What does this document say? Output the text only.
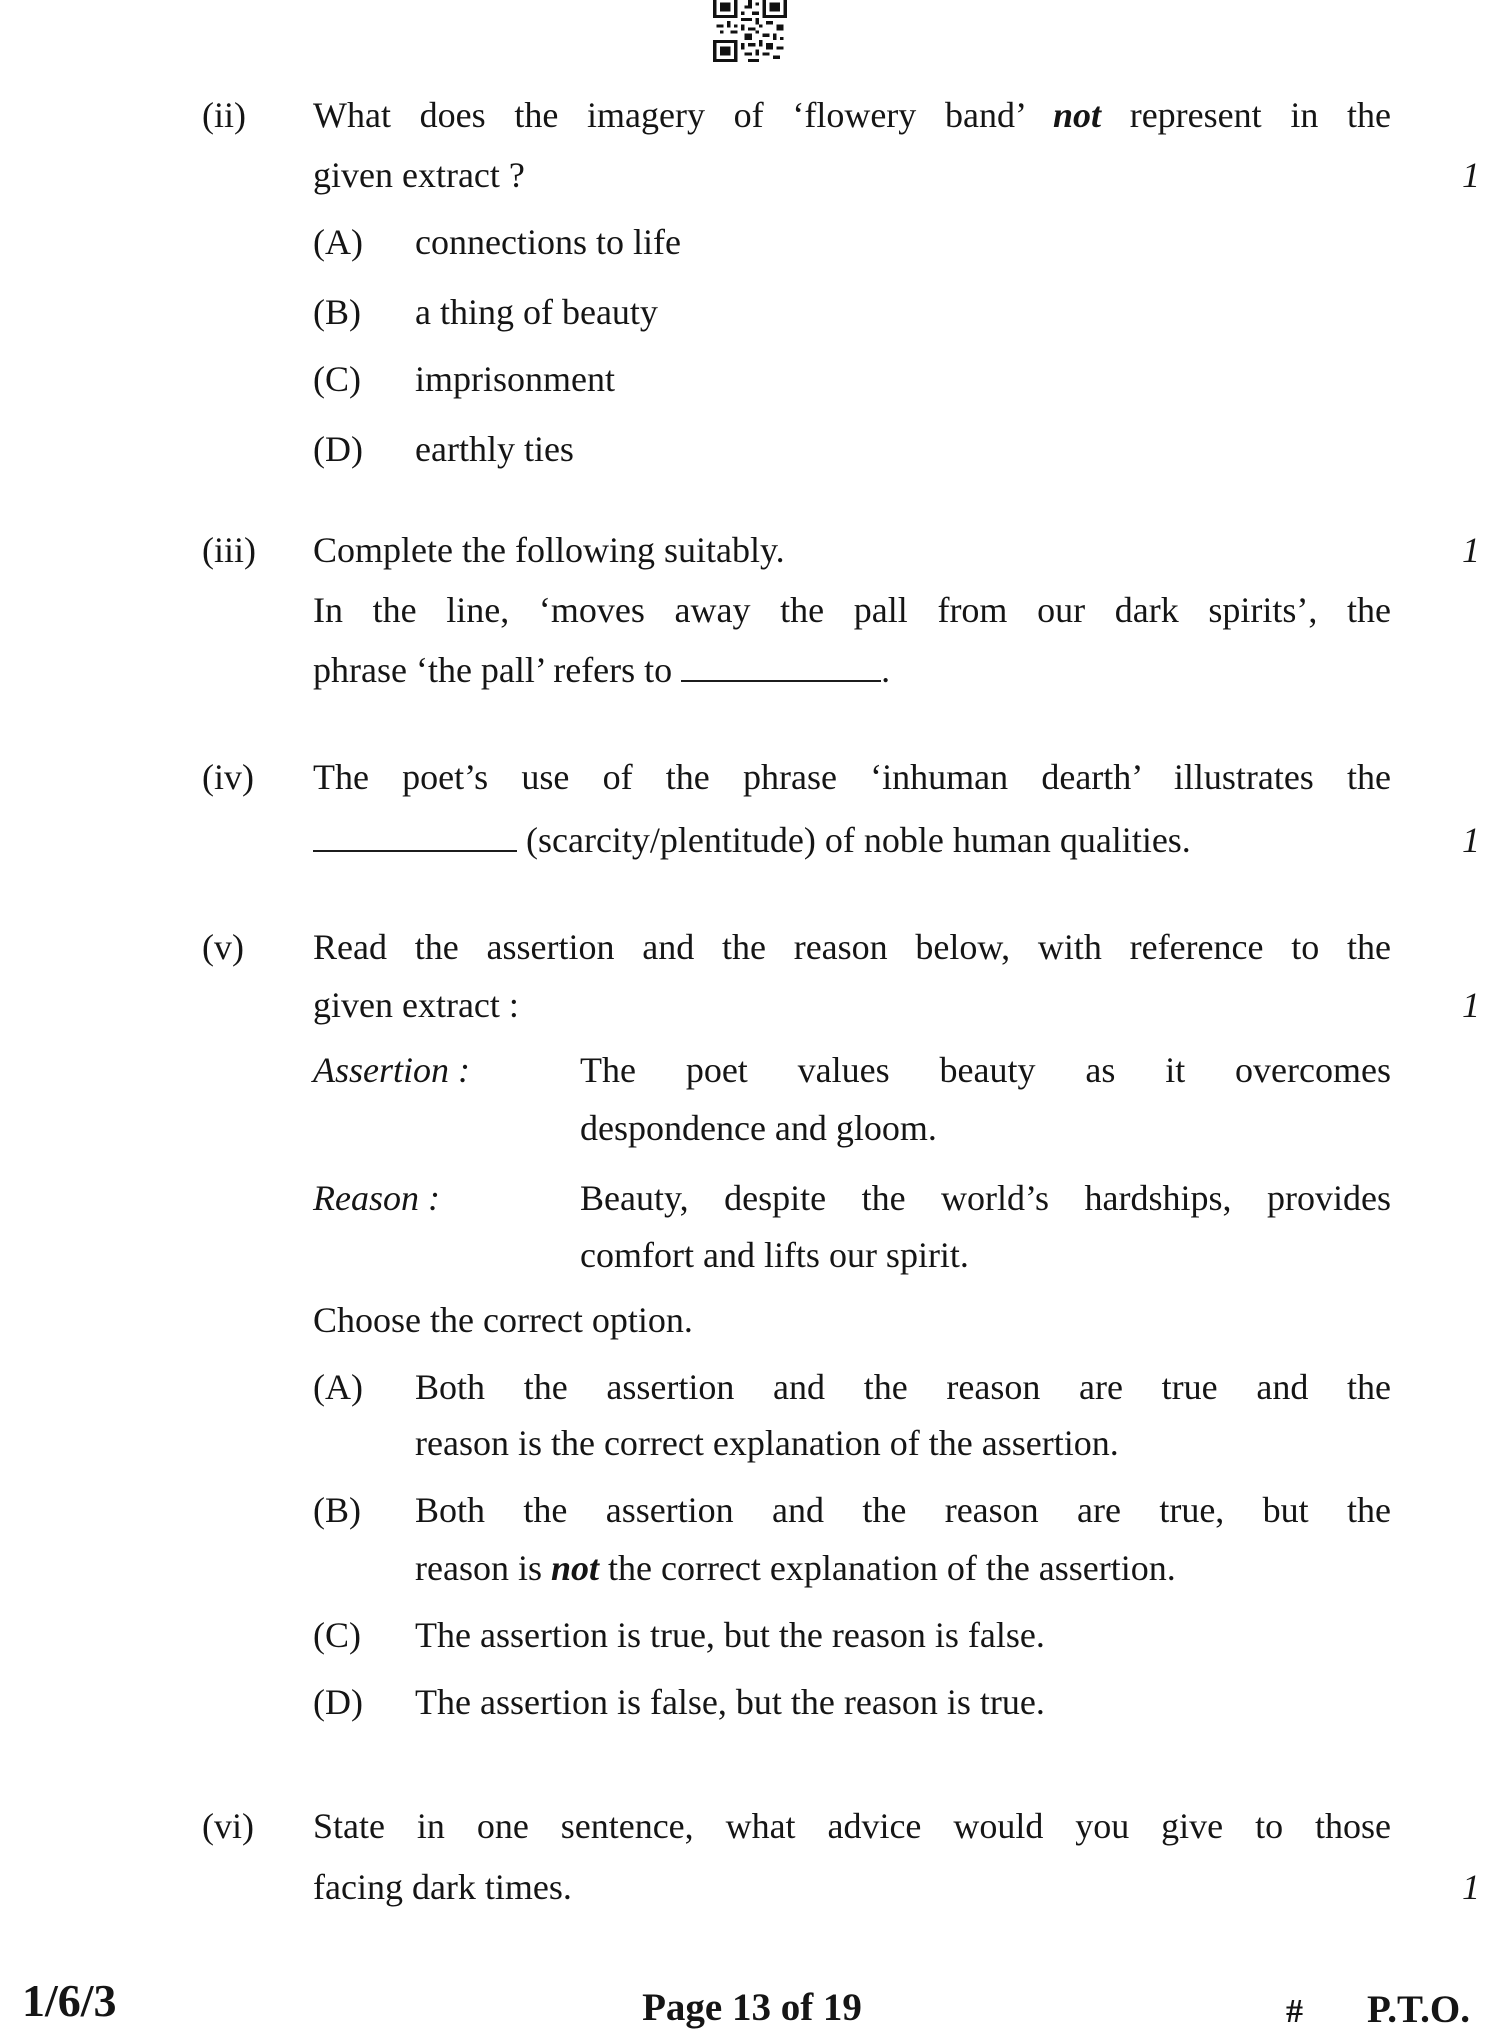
(ii)	What does the imagery of ‘flowery band’ not represent in the
given extract ?	1
(A) connections to life
(B) a thing of beauty
(C) imprisonment
(D) earthly ties
(iii)	Complete the following suitably.	1
In the line, ‘moves away the pall from our dark spirits’, the
phrase ‘the pall’ refers to	.
(iv)	The poet’s use of the phrase ‘inhuman dearth’ illustrates the
(scarcity/plentitude) of noble human qualities.	1
(v)	Read the assertion and the reason below, with reference to the
given extract :	1
Assertion :	The poet values beauty as it overcomes
despondence and gloom.
Reason :	Beauty, despite the world’s hardships, provides
comfort and lifts our spirit.
Choose the correct option.
(A) Both the assertion and the reason are true and the
reason is the correct explanation of the assertion.
(B) Both the assertion and the reason are true, but the
reason is not the correct explanation of the assertion.
(C) The assertion is true, but the reason is false.
(D) The assertion is false, but the reason is true.
(vi)	State in one sentence, what advice would you give to those
facing dark times.	1
1/6/3	Page 13 of 19	#	P.T.O.
